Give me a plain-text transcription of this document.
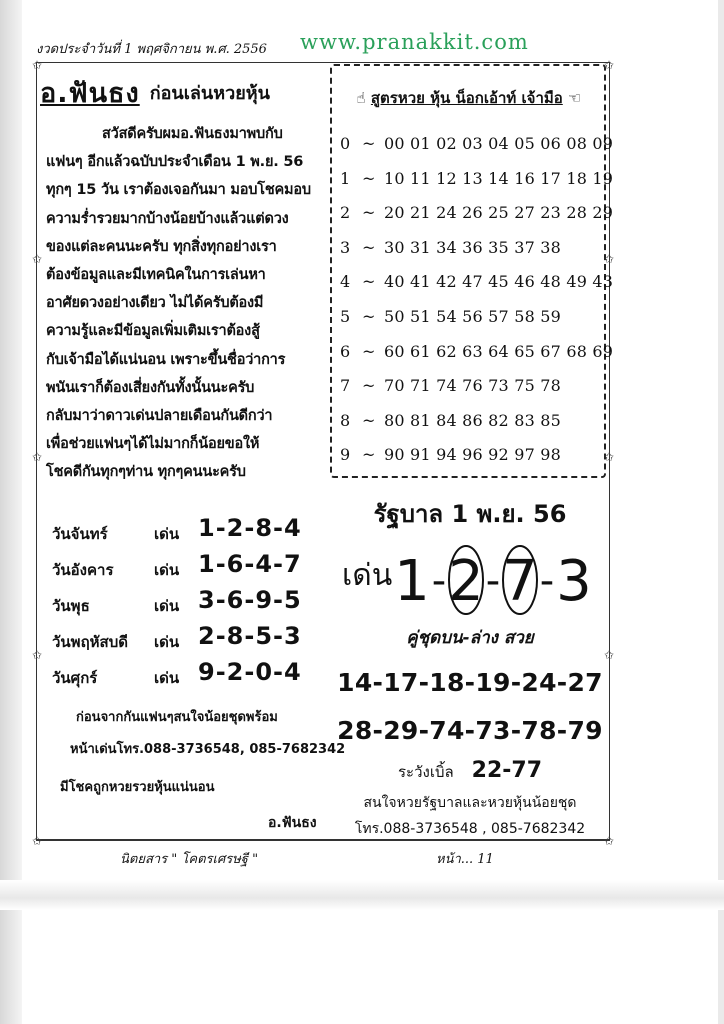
งวดประจำวันที่ 1 พฤศจิกายน พ.ศ. 2556 www.pranakkit.com
✩	✩
✩	✩
✩	✩
✩	✩
✩	✩
อ.ฟันธง ก่อนเล่นหวยหุ้น
สวัสดีครับผมอ.ฟันธงมาพบกับ
แฟนๆ อีกแล้วฉบับประจำเดือน 1 พ.ย. 56
ทุกๆ 15 วัน เราต้องเจอกันมา มอบโชคมอบ
ความร่ำรวยมากบ้างน้อยบ้างแล้วแต่ดวง
ของแต่ละคนนะครับ ทุกสิ่งทุกอย่างเรา
ต้องข้อมูลและมีเทคนิคในการเล่นหา
อาศัยดวงอย่างเดียว ไม่ได้ครับต้องมี
ความรู้และมีข้อมูลเพิ่มเติมเราต้องสู้
กับเจ้ามือได้แน่นอน เพราะขึ้นชื่อว่าการ
พนันเราก็ต้องเสี่ยงกันทั้งนั้นนะครับ
กลับมาว่าดาวเด่นปลายเดือนกันดีกว่า
เพื่อช่วยแฟนๆได้ไม่มากก็น้อยขอให้
โชคดีกันทุกๆท่าน ทุกๆคนนะครับ
วันจันทร์	เด่น 1-2-8-4
วันอังคาร	เด่น 1-6-4-7
วันพุธ	เด่น 3-6-9-5
วันพฤหัสบดี เด่น 2-8-5-3
วันศุกร์	เด่น 9-2-0-4
ก่อนจากกันแฟนๆสนใจน้อยชุดพร้อม
หน้าเด่นโทร.088-3736548, 085-7682342
มีโชคถูกหวยรวยหุ้นแน่นอน
อ.ฟันธง
☝ สูตรหวย หุ้น น็อกเอ้าท์ เจ้ามือ ☜
0 ~ 00 01 02 03 04 05 06 08 09
1 ~ 10 11 12 13 14 16 17 18 19
2 ~ 20 21 24 26 25 27 23 28 29
3 ~ 30 31 34 36 35 37 38
4 ~ 40 41 42 47 45 46 48 49 43
5 ~ 50 51 54 56 57 58 59
6 ~ 60 61 62 63 64 65 67 68 69
7 ~ 70 71 74 76 73 75 78
8 ~ 80 81 84 86 82 83 85
9 ~ 90 91 94 96 92 97 98
รัฐบาล 1 พ.ย. 56
เด่น 1 - 2 - 7 - 3
คู่ชุดบน-ล่าง สวย
14-17-18-19-24-27
28-29-74-73-78-79
ระวังเบิ้ล 22-77
สนใจหวยรัฐบาลและหวยหุ้นน้อยชุด
โทร.088-3736548 , 085-7682342
นิตยสาร " โคตรเศรษฐี "	หน้า... 11
